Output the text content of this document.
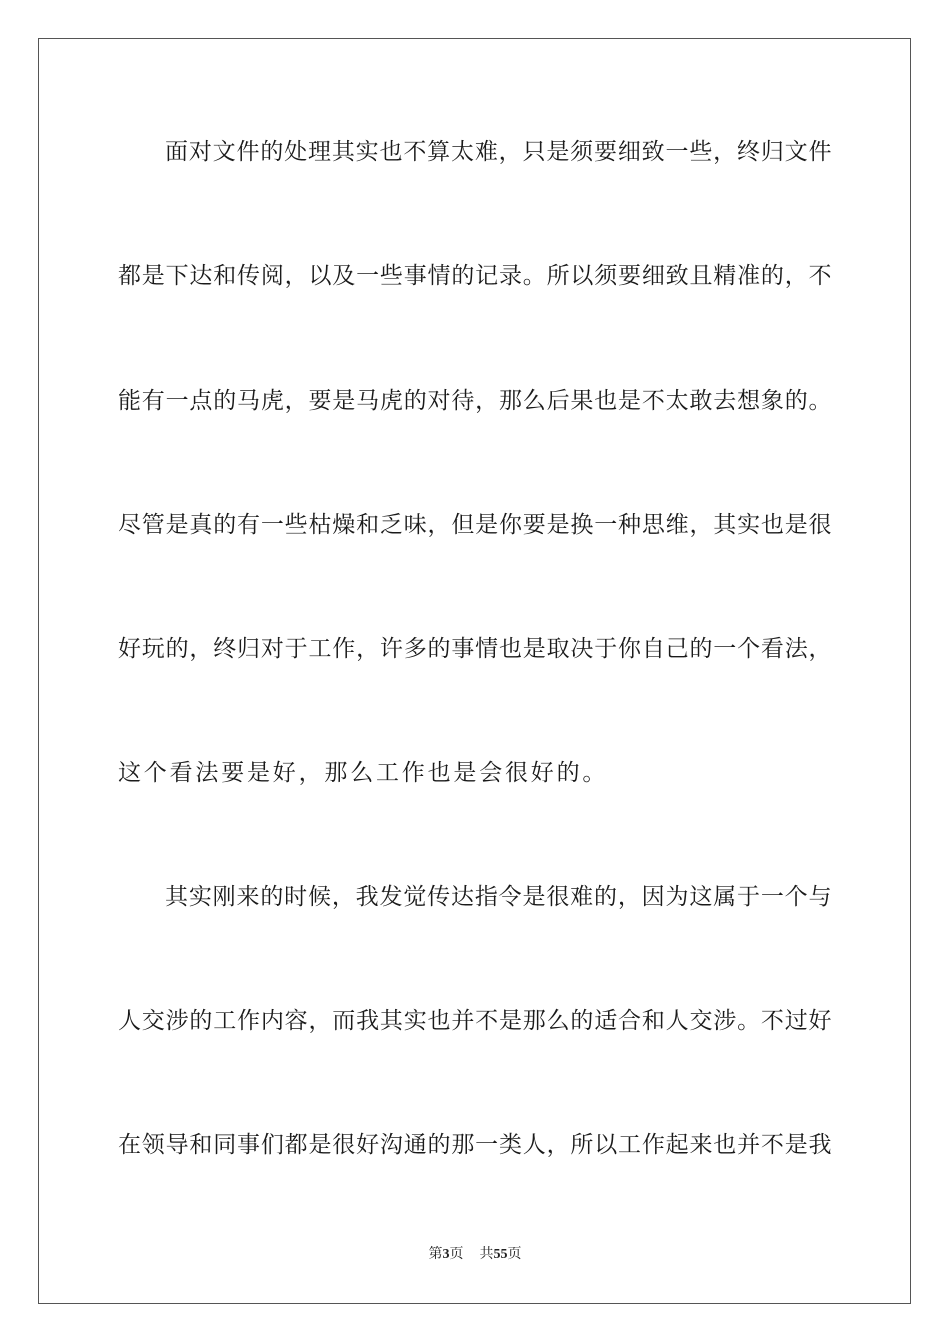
面对文件的处理其实也不算太难，只是须要细致一些，终归文件
都是下达和传阅，以及一些事情的记录。所以须要细致且精准的，不
能有一点的马虎，要是马虎的对待，那么后果也是不太敢去想象的。
尽管是真的有一些枯燥和乏味，但是你要是换一种思维，其实也是很
好玩的，终归对于工作，许多的事情也是取决于你自己的一个看法，
这个看法要是好，那么工作也是会很好的。
其实刚来的时候，我发觉传达指令是很难的，因为这属于一个与
人交涉的工作内容，而我其实也并不是那么的适合和人交涉。不过好
在领导和同事们都是很好沟通的那一类人，所以工作起来也并不是我
第3页 共55页
